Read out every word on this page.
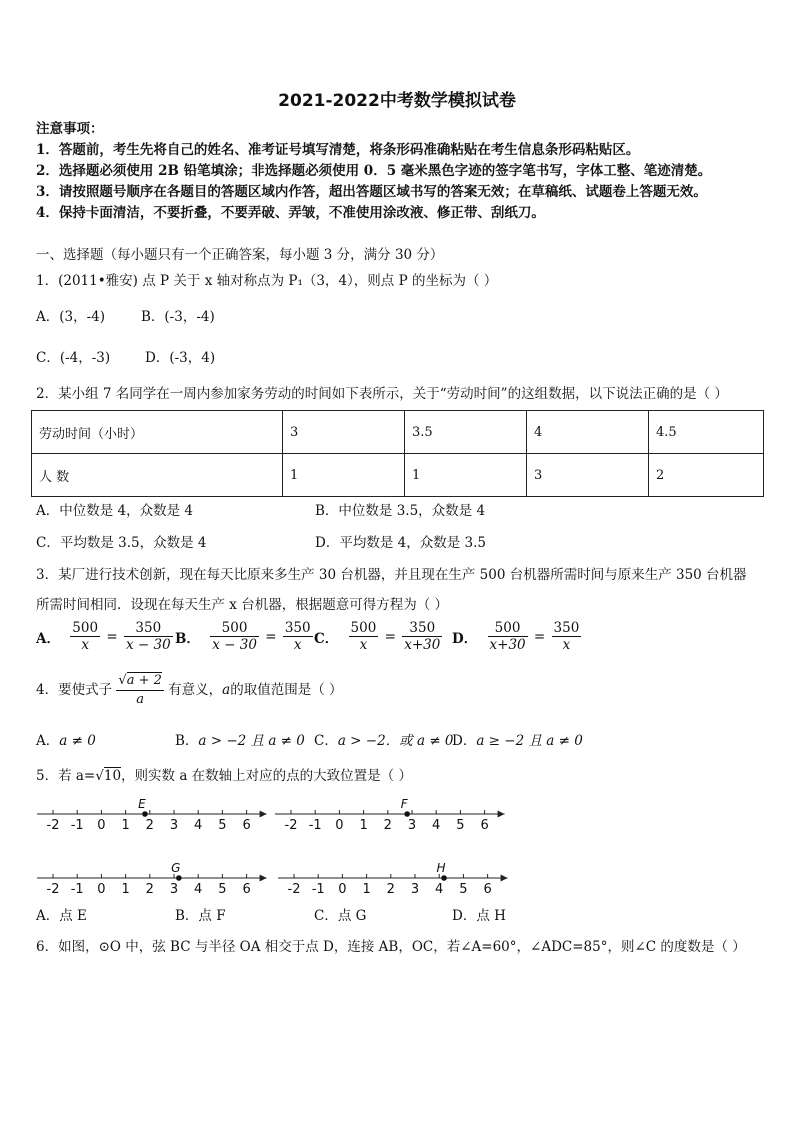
2021-2022中考数学模拟试卷
注意事项：
1．答题前，考生先将自己的姓名、准考证号填写清楚，将条形码准确粘贴在考生信息条形码粘贴区。
2．选择题必须使用 2B 铅笔填涂；非选择题必须使用 0．5 毫米黑色字迹的签字笔书写，字体工整、笔迹清楚。
3．请按照题号顺序在各题目的答题区域内作答，超出答题区域书写的答案无效；在草稿纸、试题卷上答题无效。
4．保持卡面清洁，不要折叠，不要弄破、弄皱，不准使用涂改液、修正带、刮纸刀。
一、选择题（每小题只有一个正确答案，每小题 3 分，满分 30 分）
1．(2011•雅安) 点 P 关于 x 轴对称点为 P₁（3，4），则点 P 的坐标为（ ）
A．(3，-4)	B．(-3，-4)
C．(-4，-3)	D．(-3，4)
2．某小组 7 名同学在一周内参加家务劳动的时间如下表所示，关于“劳动时间”的这组数据，以下说法正确的是（ ）
劳动时间（小时）	3	3.5	4	4.5
人 数	1	1	3	2
A．中位数是 4，众数是 4	B．中位数是 3.5，众数是 4
C．平均数是 3.5，众数是 4	D．平均数是 4，众数是 3.5
3．某厂进行技术创新，现在每天比原来多生产 30 台机器，并且现在生产 500 台机器所需时间与原来生产 350 台机器
所需时间相同．设现在每天生产 x 台机器，根据题意可得方程为（ ）
A． $\frac{500}{x} = \frac{350}{x - 30}$ B． $\frac{500}{x - 30} = \frac{350}{x}$ C． $\frac{500}{x} = \frac{350}{x+30}$ D． $\frac{500}{x+30} = \frac{350}{x}$
4．要使式子 $\frac{√a + 2}{a}$ 有意义，a的取值范围是（ ）
A．a ≠ 0	B．a > −2 且 a ≠ 0 C．a > −2．或 a ≠ 0
D．a ≥ −2 且 a ≠ 0
5．若 a=√10，则实数 a 在数轴上对应的点的大致位置是（ ）
-2 -1 0 1 2 3 4 5 6
E
-2 -1 0 1 2 3 4 5 6
F
-2 -1 0 1 2 3 4 5 6
G
-2 -1 0 1 2 3 4 5 6
H
A．点 E	B．点 F	C．点 G	D．点 H
6．如图，⊙O 中，弦 BC 与半径 OA 相交于点 D，连接 AB，OC，若∠A=60°，∠ADC=85°，则∠C 的度数是（ ）
